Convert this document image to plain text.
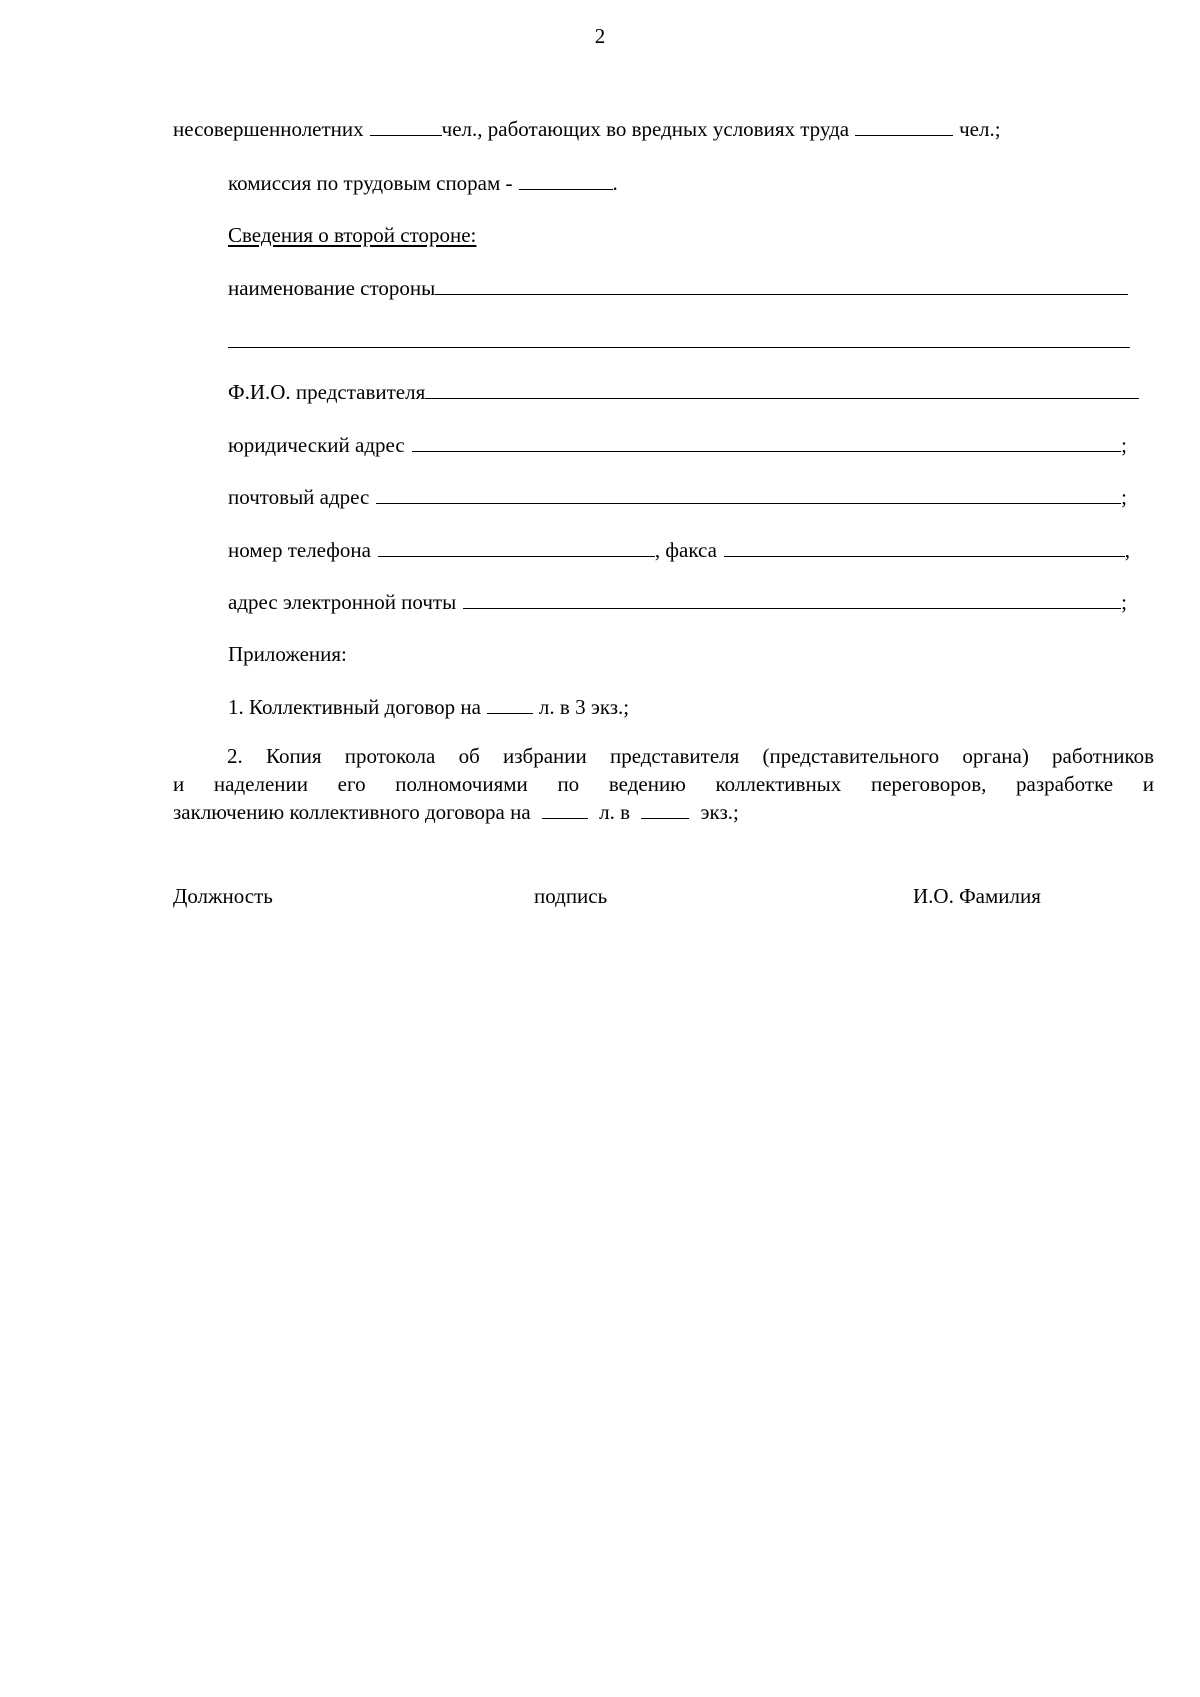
2
несовершеннолетних	чел., работающих во вредных условиях труда	чел.;
комиссия по трудовым спорам -	.
Сведения о второй стороне:
наименование стороны
Ф.И.О. представителя
юридический адрес	;
почтовый адрес	;
номер телефона	, факса	,
адрес электронной почты	;
Приложения:
1. Коллективный договор на	л. в 3 экз.;
2. Копия протокола об избрании представителя (представительного органа) работников
и наделении его полномочиями по ведению коллективных переговоров, разработке и
заключению коллективного договора на	л. в	экз.;
Должность	подпись	И.О. Фамилия
